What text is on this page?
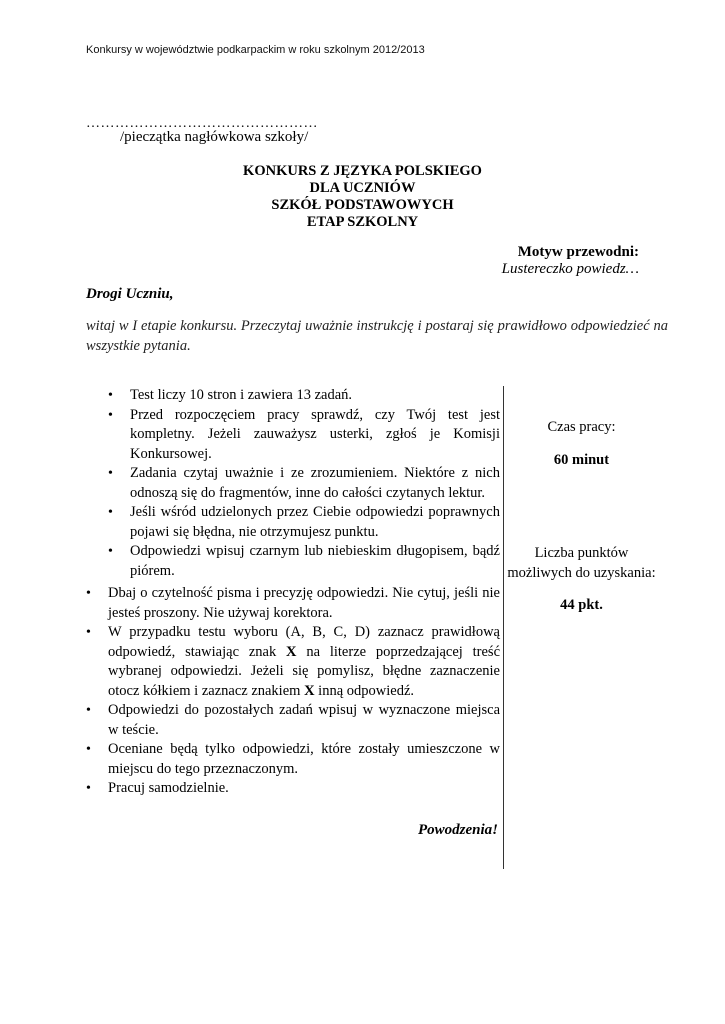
Konkursy w województwie podkarpackim w roku szkolnym 2012/2013
…………………………………………
/pieczątka nagłówkowa szkoły/
KONKURS Z JĘZYKA POLSKIEGO
DLA UCZNIÓW
SZKÓŁ PODSTAWOWYCH
ETAP SZKOLNY
Motyw przewodni:
Lustereczko powiedz…
Drogi Uczniu,
witaj w I etapie konkursu. Przeczytaj uważnie instrukcję i postaraj się prawidłowo odpowiedzieć na wszystkie pytania.
• Test liczy 10 stron i zawiera 13 zadań.
• Przed rozpoczęciem pracy sprawdź, czy Twój test jest kompletny. Jeżeli zauważysz usterki, zgłoś je Komisji Konkursowej.
• Zadania czytaj uważnie i ze zrozumieniem. Niektóre z nich odnoszą się do fragmentów, inne do całości czytanych lektur.
• Jeśli wśród udzielonych przez Ciebie odpowiedzi poprawnych pojawi się błędna, nie otrzymujesz punktu.
• Odpowiedzi wpisuj czarnym lub niebieskim długopisem, bądź piórem.
• Dbaj o czytelność pisma i precyzję odpowiedzi. Nie cytuj, jeśli nie jesteś proszony. Nie używaj korektora.
• W przypadku testu wyboru (A, B, C, D) zaznacz prawidłową odpowiedź, stawiając znak X na literze poprzedzającej treść wybranej odpowiedzi. Jeżeli się pomylisz, błędne zaznaczenie otocz kółkiem i zaznacz znakiem X inną odpowiedź.
• Odpowiedzi do pozostałych zadań wpisuj w wyznaczone miejsca w teście.
• Oceniane będą tylko odpowiedzi, które zostały umieszczone w miejscu do tego przeznaczonym.
• Pracuj samodzielnie.
Powodzenia!
Czas pracy:
60 minut
Liczba punktów
możliwych do uzyskania:
44 pkt.
